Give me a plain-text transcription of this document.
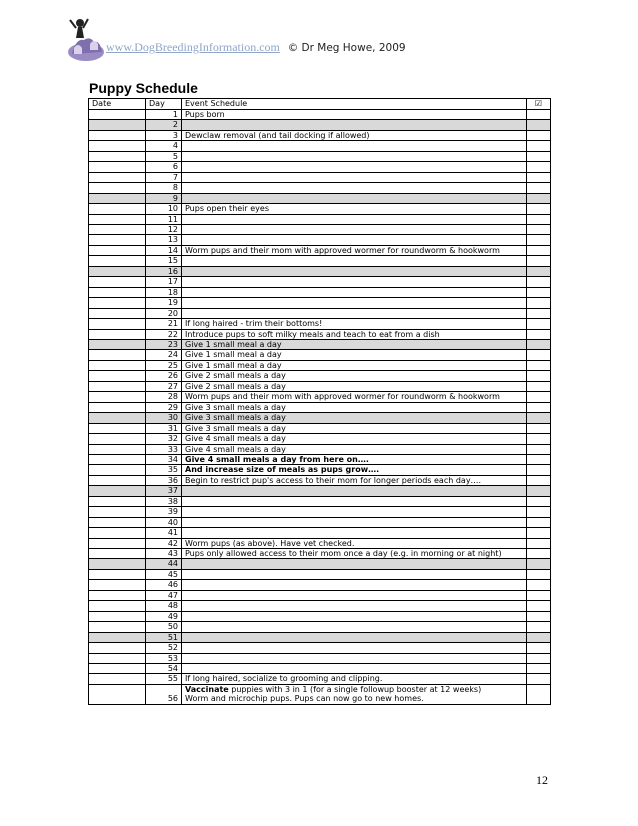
www.DogBreedingInformation.com © Dr Meg Howe, 2009
Puppy Schedule
Date	Day	Event Schedule	☑
	1	Pups born	
	2		
	3	Dewclaw removal (and tail docking if allowed)	
	4		
	5		
	6		
	7		
	8		
	9		
	10	Pups open their eyes	
	11		
	12		
	13		
	14	Worm pups and their mom with approved wormer for roundworm & hookworm	
	15		
	16		
	17		
	18		
	19		
	20		
	21	If long haired - trim their bottoms!	
	22	Introduce pups to soft milky meals and teach to eat from a dish	
	23	Give 1 small meal a day	
	24	Give 1 small meal a day	
	25	Give 1 small meal a day	
	26	Give 2 small meals a day	
	27	Give 2 small meals a day	
	28	Worm pups and their mom with approved wormer for roundworm & hookworm	
	29	Give 3 small meals a day	
	30	Give 3 small meals a day	
	31	Give 3 small meals a day	
	32	Give 4 small meals a day	
	33	Give 4 small meals a day	
	34	Give 4 small meals a day from here on….	
	35	And increase size of meals as pups grow….	
	36	Begin to restrict pup's access to their mom for longer periods each day….	
	37		
	38		
	39		
	40		
	41		
	42	Worm pups (as above). Have vet checked.	
	43	Pups only allowed access to their mom once a day (e.g. in morning or at night)	
	44		
	45		
	46		
	47		
	48		
	49		
	50		
	51		
	52		
	53		
	54		
	55	If long haired, socialize to grooming and clipping.	
	56	Vaccinate puppies with 3 in 1 (for a single followup booster at 12 weeks)
Worm and microchip pups. Pups can now go to new homes.	
12
